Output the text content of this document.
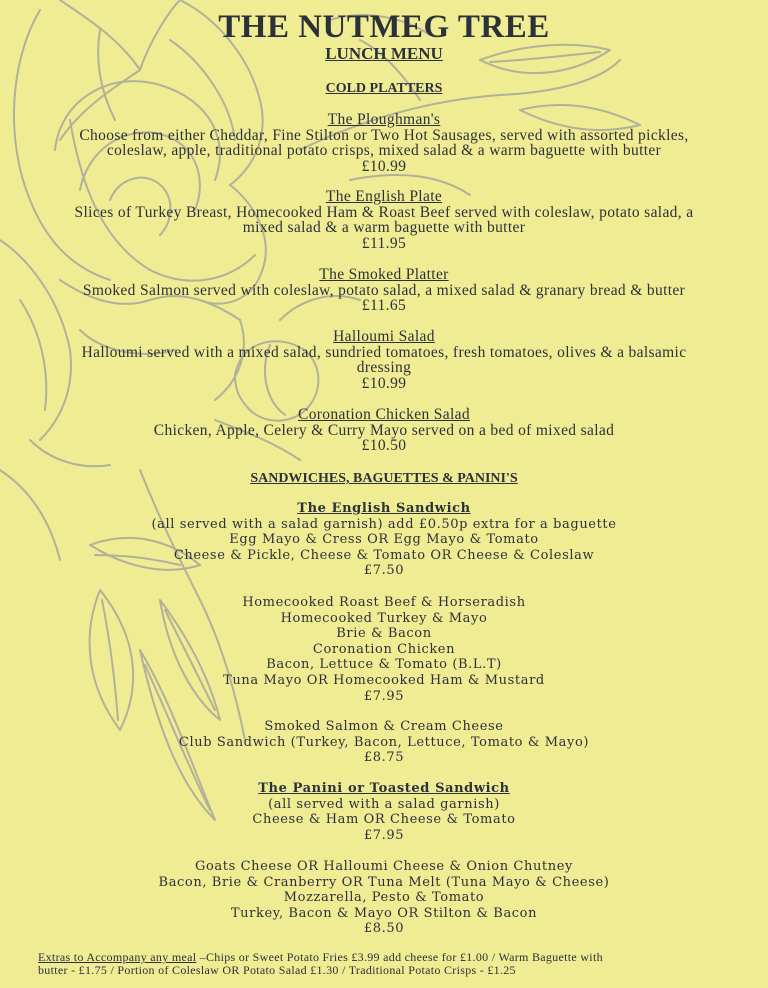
THE NUTMEG TREE
LUNCH MENU
COLD PLATTERS
The Ploughman's
Choose from either Cheddar, Fine Stilton or Two Hot Sausages, served with assorted pickles,
coleslaw, apple, traditional potato crisps, mixed salad & a warm baguette with butter
£10.99
The English Plate
Slices of Turkey Breast, Homecooked Ham & Roast Beef served with coleslaw, potato salad, a
mixed salad & a warm baguette with butter
£11.95
The Smoked Platter
Smoked Salmon served with coleslaw, potato salad, a mixed salad & granary bread & butter
£11.65
Halloumi Salad
Halloumi served with a mixed salad, sundried tomatoes, fresh tomatoes, olives & a balsamic
dressing
£10.99
Coronation Chicken Salad
Chicken, Apple, Celery & Curry Mayo served on a bed of mixed salad
£10.50
SANDWICHES, BAGUETTES & PANINI'S
The English Sandwich
(all served with a salad garnish) add £0.50p extra for a baguette
Egg Mayo & Cress OR Egg Mayo & Tomato
Cheese & Pickle, Cheese & Tomato OR Cheese & Coleslaw
£7.50
Homecooked Roast Beef & Horseradish
Homecooked Turkey & Mayo
Brie & Bacon
Coronation Chicken
Bacon, Lettuce & Tomato (B.L.T)
Tuna Mayo OR Homecooked Ham & Mustard
£7.95
Smoked Salmon & Cream Cheese
Club Sandwich (Turkey, Bacon, Lettuce, Tomato & Mayo)
£8.75
The Panini or Toasted Sandwich
(all served with a salad garnish)
Cheese & Ham OR Cheese & Tomato
£7.95
Goats Cheese OR Halloumi Cheese & Onion Chutney
Bacon, Brie & Cranberry OR Tuna Melt (Tuna Mayo & Cheese)
Mozzarella, Pesto & Tomato
Turkey, Bacon & Mayo OR Stilton & Bacon
£8.50
Extras to Accompany any meal –Chips or Sweet Potato Fries £3.99 add cheese for £1.00 / Warm Baguette with
butter - £1.75 / Portion of Coleslaw OR Potato Salad £1.30 / Traditional Potato Crisps - £1.25
